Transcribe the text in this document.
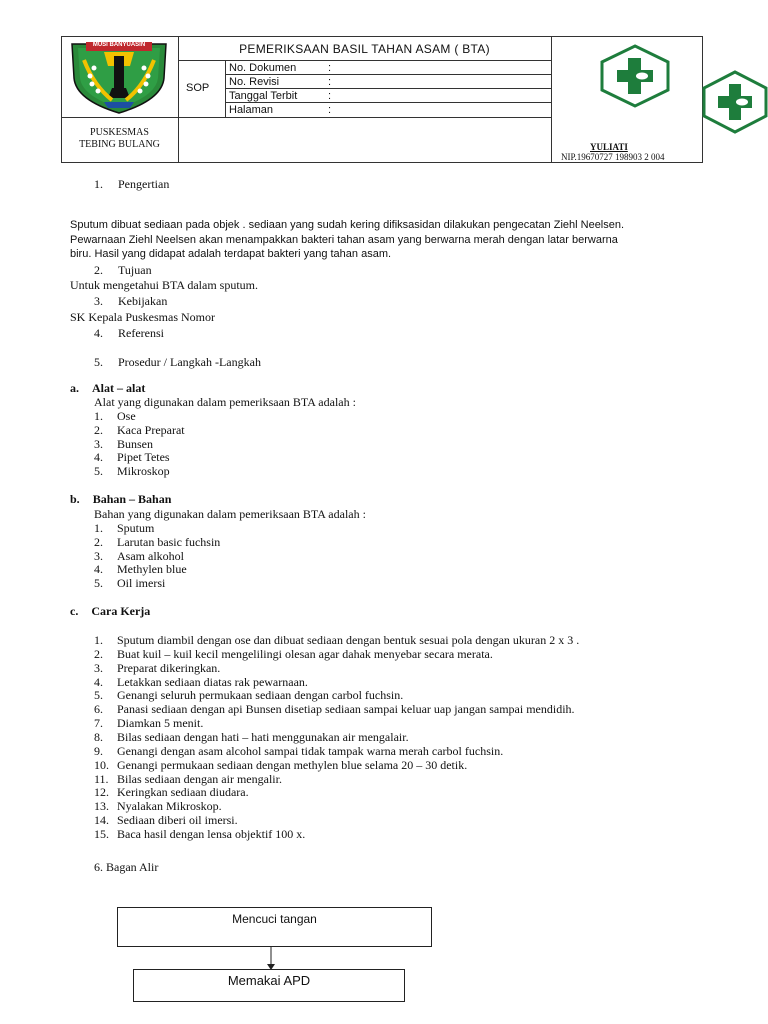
MUSI BANYUASIN	PEMERIKSAAN BASIL TAHAN ASAM ( BTA)
SOP
No. Dokumen	:
No. Revisi	:
Tanggal Terbit	:
Halaman	:
PUSKESMAS
TEBING BULANG	YULIATI
NIP.19670727 198903 2 004
1. Pengertian
Sputum dibuat sediaan pada objek . sediaan yang sudah kering difiksasidan dilakukan pengecatan Ziehl Neelsen.
Pewarnaan Ziehl Neelsen akan menampakkan bakteri tahan asam yang berwarna merah dengan latar berwarna
biru. Hasil yang didapat adalah terdapat bakteri yang tahan asam.
2. Tujuan
Untuk mengetahui BTA dalam sputum.
3. Kebijakan
SK Kepala Puskesmas Nomor
4. Referensi
5. Prosedur / Langkah -Langkah
a. Alat – alat
Alat yang digunakan dalam pemeriksaan BTA adalah :
1.	Ose
2.	Kaca Preparat
3.	Bunsen
4.	Pipet Tetes
5.	Mikroskop
b. Bahan – Bahan
Bahan yang digunakan dalam pemeriksaan BTA adalah :
1.	Sputum
2.	Larutan basic fuchsin
3.	Asam alkohol
4.	Methylen blue
5.	Oil imersi
c. Cara Kerja
1.	Sputum diambil dengan ose dan dibuat sediaan dengan bentuk sesuai pola dengan ukuran 2 x 3 .
2.	Buat kuil – kuil kecil mengelilingi olesan agar dahak menyebar secara merata.
3.	Preparat dikeringkan.
4.	Letakkan sediaan diatas rak pewarnaan.
5.	Genangi seluruh permukaan sediaan dengan carbol fuchsin.
6.	Panasi sediaan dengan api Bunsen disetiap sediaan sampai keluar uap jangan sampai mendidih.
7.	Diamkan 5 menit.
8.	Bilas sediaan dengan hati – hati menggunakan air mengalair.
9.	Genangi dengan asam alcohol sampai tidak tampak warna merah carbol fuchsin.
10. Genangi permukaan sediaan dengan methylen blue selama 20 – 30 detik.
11. Bilas sediaan dengan air mengalir.
12. Keringkan sediaan diudara.
13. Nyalakan Mikroskop.
14. Sediaan diberi oil imersi.
15. Baca hasil dengan lensa objektif 100 x.
6. Bagan Alir
Mencuci tangan
Memakai APD
